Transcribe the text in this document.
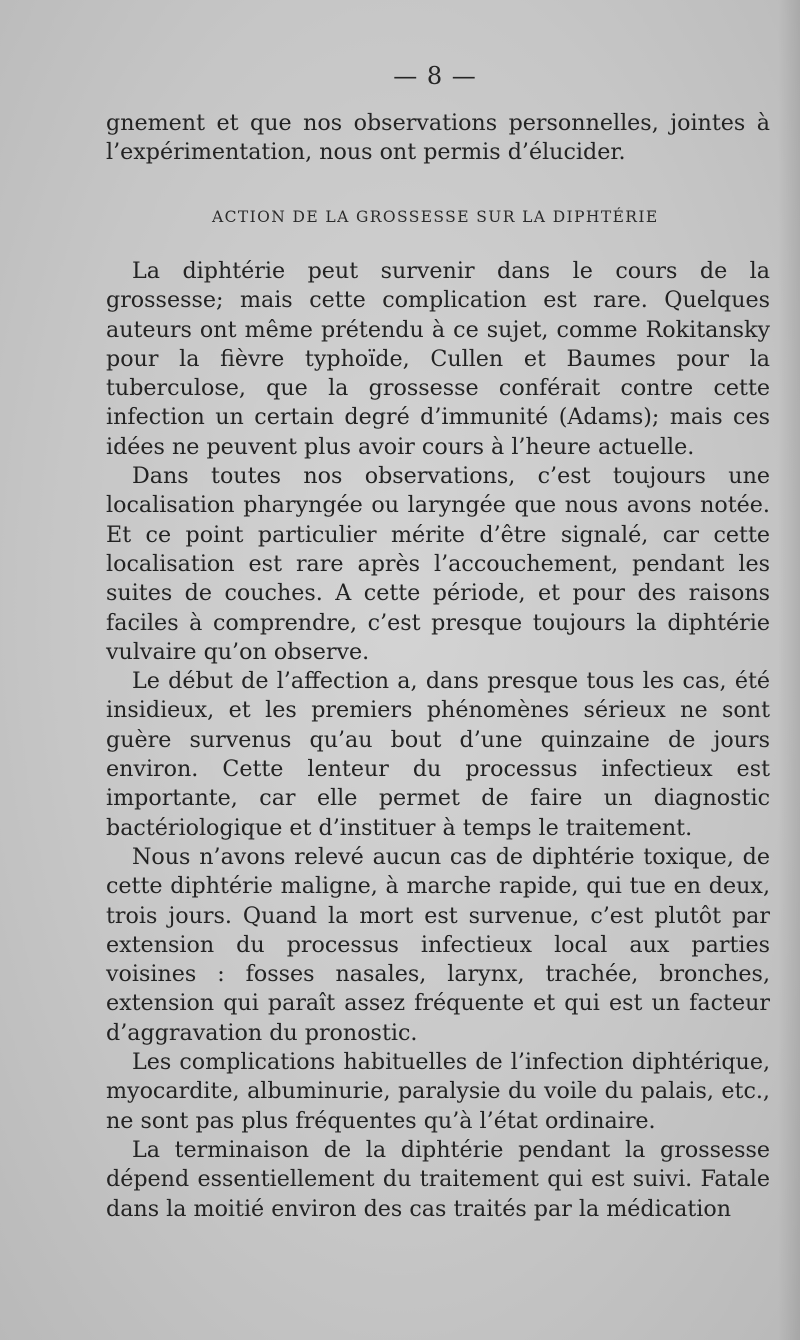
— 8 —

gnement et que nos observations personnelles, jointes à l’expérimentation, nous ont permis d’élucider.

ACTION DE LA GROSSESSE SUR LA DIPHTÉRIE

La diphtérie peut survenir dans le cours de la grossesse; mais cette complication est rare. Quelques auteurs ont même prétendu à ce sujet, comme Rokitansky pour la fièvre typhoïde, Cullen et Baumes pour la tuberculose, que la grossesse conférait contre cette infection un certain degré d’immunité (Adams); mais ces idées ne peuvent plus avoir cours à l’heure actuelle.

Dans toutes nos observations, c’est toujours une localisation pharyngée ou laryngée que nous avons notée. Et ce point particulier mérite d’être signalé, car cette localisation est rare après l’accouchement, pendant les suites de couches. A cette période, et pour des raisons faciles à comprendre, c’est presque toujours la diphtérie vulvaire qu’on observe.

Le début de l’affection a, dans presque tous les cas, été insidieux, et les premiers phénomènes sérieux ne sont guère survenus qu’au bout d’une quinzaine de jours environ. Cette lenteur du processus infectieux est importante, car elle permet de faire un diagnostic bactériologique et d’instituer à temps le traitement.

Nous n’avons relevé aucun cas de diphtérie toxique, de cette diphtérie maligne, à marche rapide, qui tue en deux, trois jours. Quand la mort est survenue, c’est plutôt par extension du processus infectieux local aux parties voisines : fosses nasales, larynx, trachée, bronches, extension qui paraît assez fréquente et qui est un facteur d’aggravation du pronostic.

Les complications habituelles de l’infection diphtérique, myocardite, albuminurie, paralysie du voile du palais, etc., ne sont pas plus fréquentes qu’à l’état ordinaire.

La terminaison de la diphtérie pendant la grossesse dépend essentiellement du traitement qui est suivi. Fatale dans la moitié environ des cas traités par la médication
